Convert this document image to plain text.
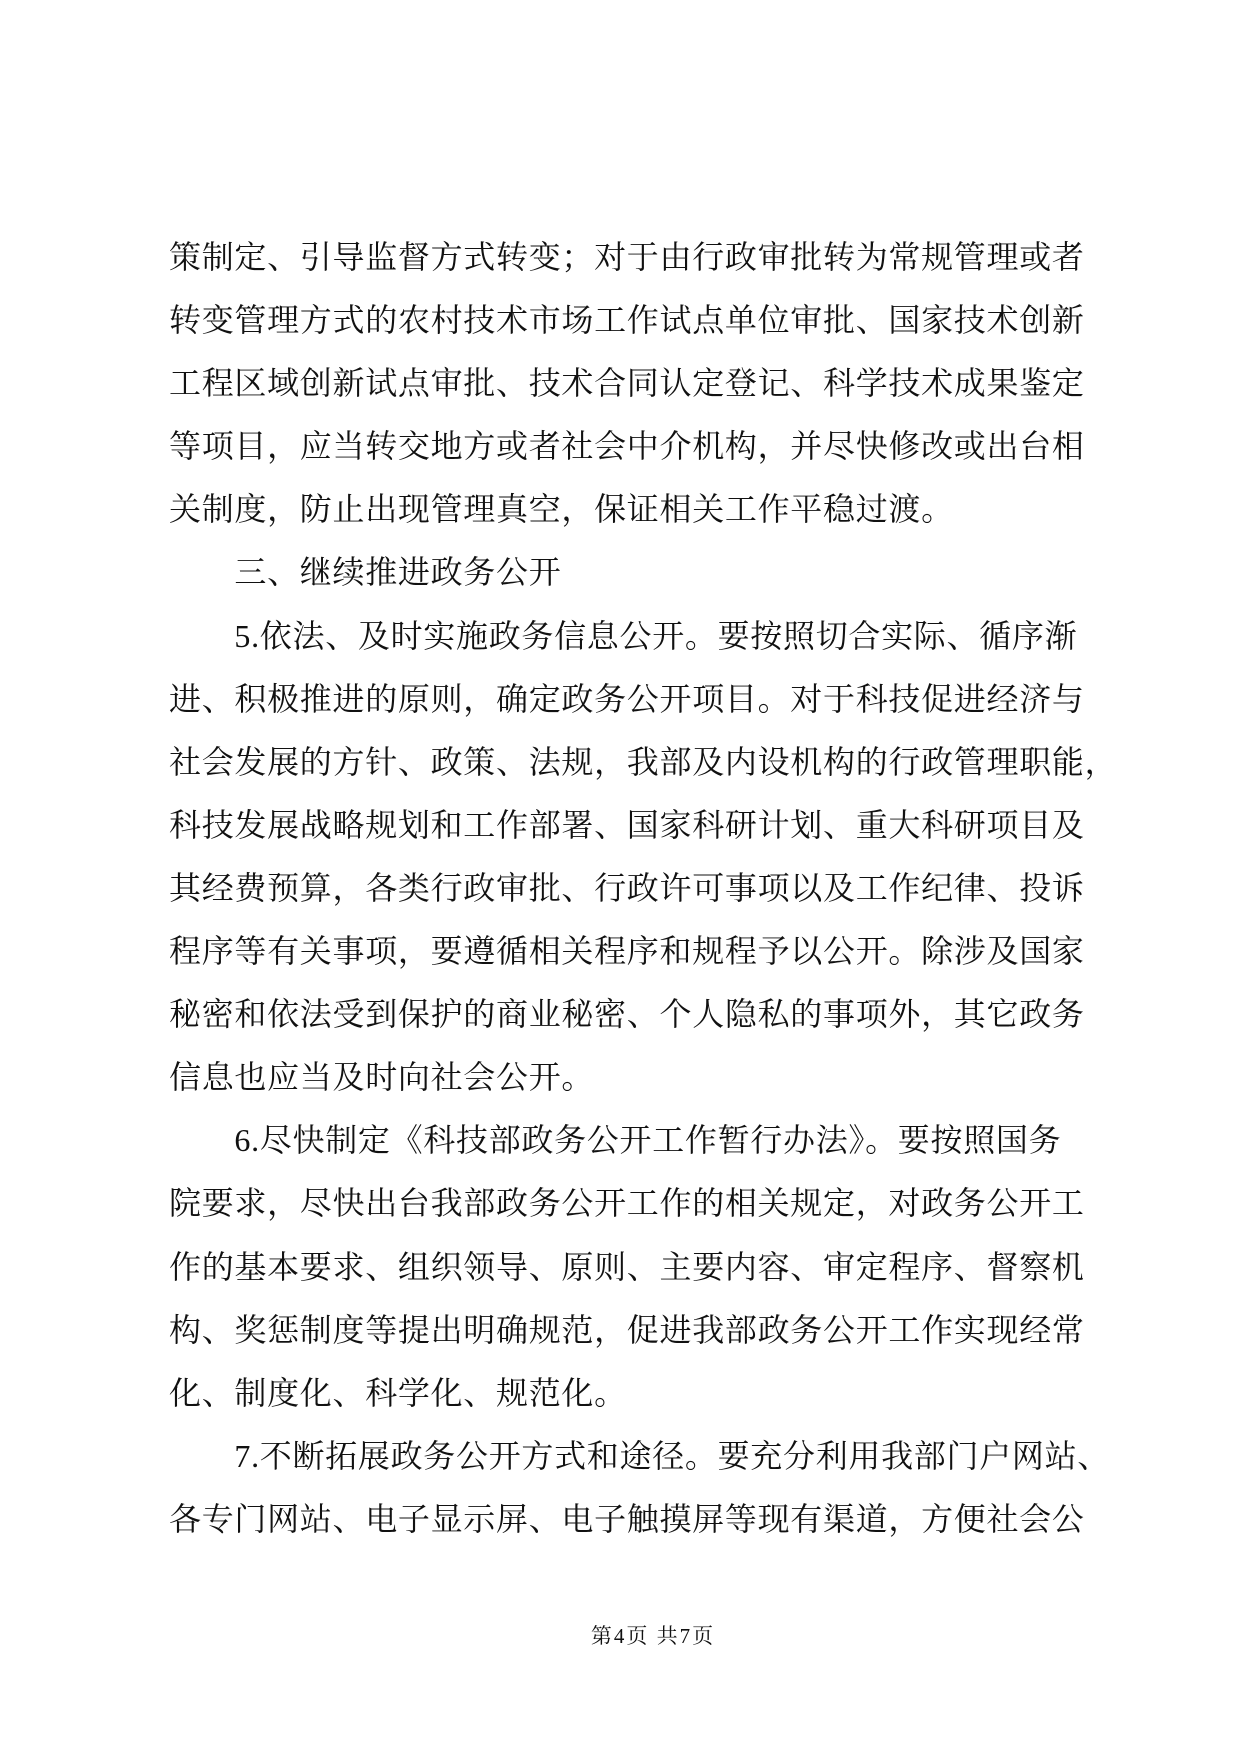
策制定、引导监督方式转变；对于由行政审批转为常规管理或者
转变管理方式的农村技术市场工作试点单位审批、国家技术创新
工程区域创新试点审批、技术合同认定登记、科学技术成果鉴定
等项目，应当转交地方或者社会中介机构，并尽快修改或出台相
关制度，防止出现管理真空，保证相关工作平稳过渡。
三、继续推进政务公开
5.依法、及时实施政务信息公开。要按照切合实际、循序渐
进、积极推进的原则，确定政务公开项目。对于科技促进经济与
社会发展的方针、政策、法规，我部及内设机构的行政管理职能，
科技发展战略规划和工作部署、国家科研计划、重大科研项目及
其经费预算，各类行政审批、行政许可事项以及工作纪律、投诉
程序等有关事项，要遵循相关程序和规程予以公开。除涉及国家
秘密和依法受到保护的商业秘密、个人隐私的事项外，其它政务
信息也应当及时向社会公开。
6.尽快制定《科技部政务公开工作暂行办法》。要按照国务
院要求，尽快出台我部政务公开工作的相关规定，对政务公开工
作的基本要求、组织领导、原则、主要内容、审定程序、督察机
构、奖惩制度等提出明确规范，促进我部政务公开工作实现经常
化、制度化、科学化、规范化。
7.不断拓展政务公开方式和途径。要充分利用我部门户网站、
各专门网站、电子显示屏、电子触摸屏等现有渠道，方便社会公
第4页 共7页
